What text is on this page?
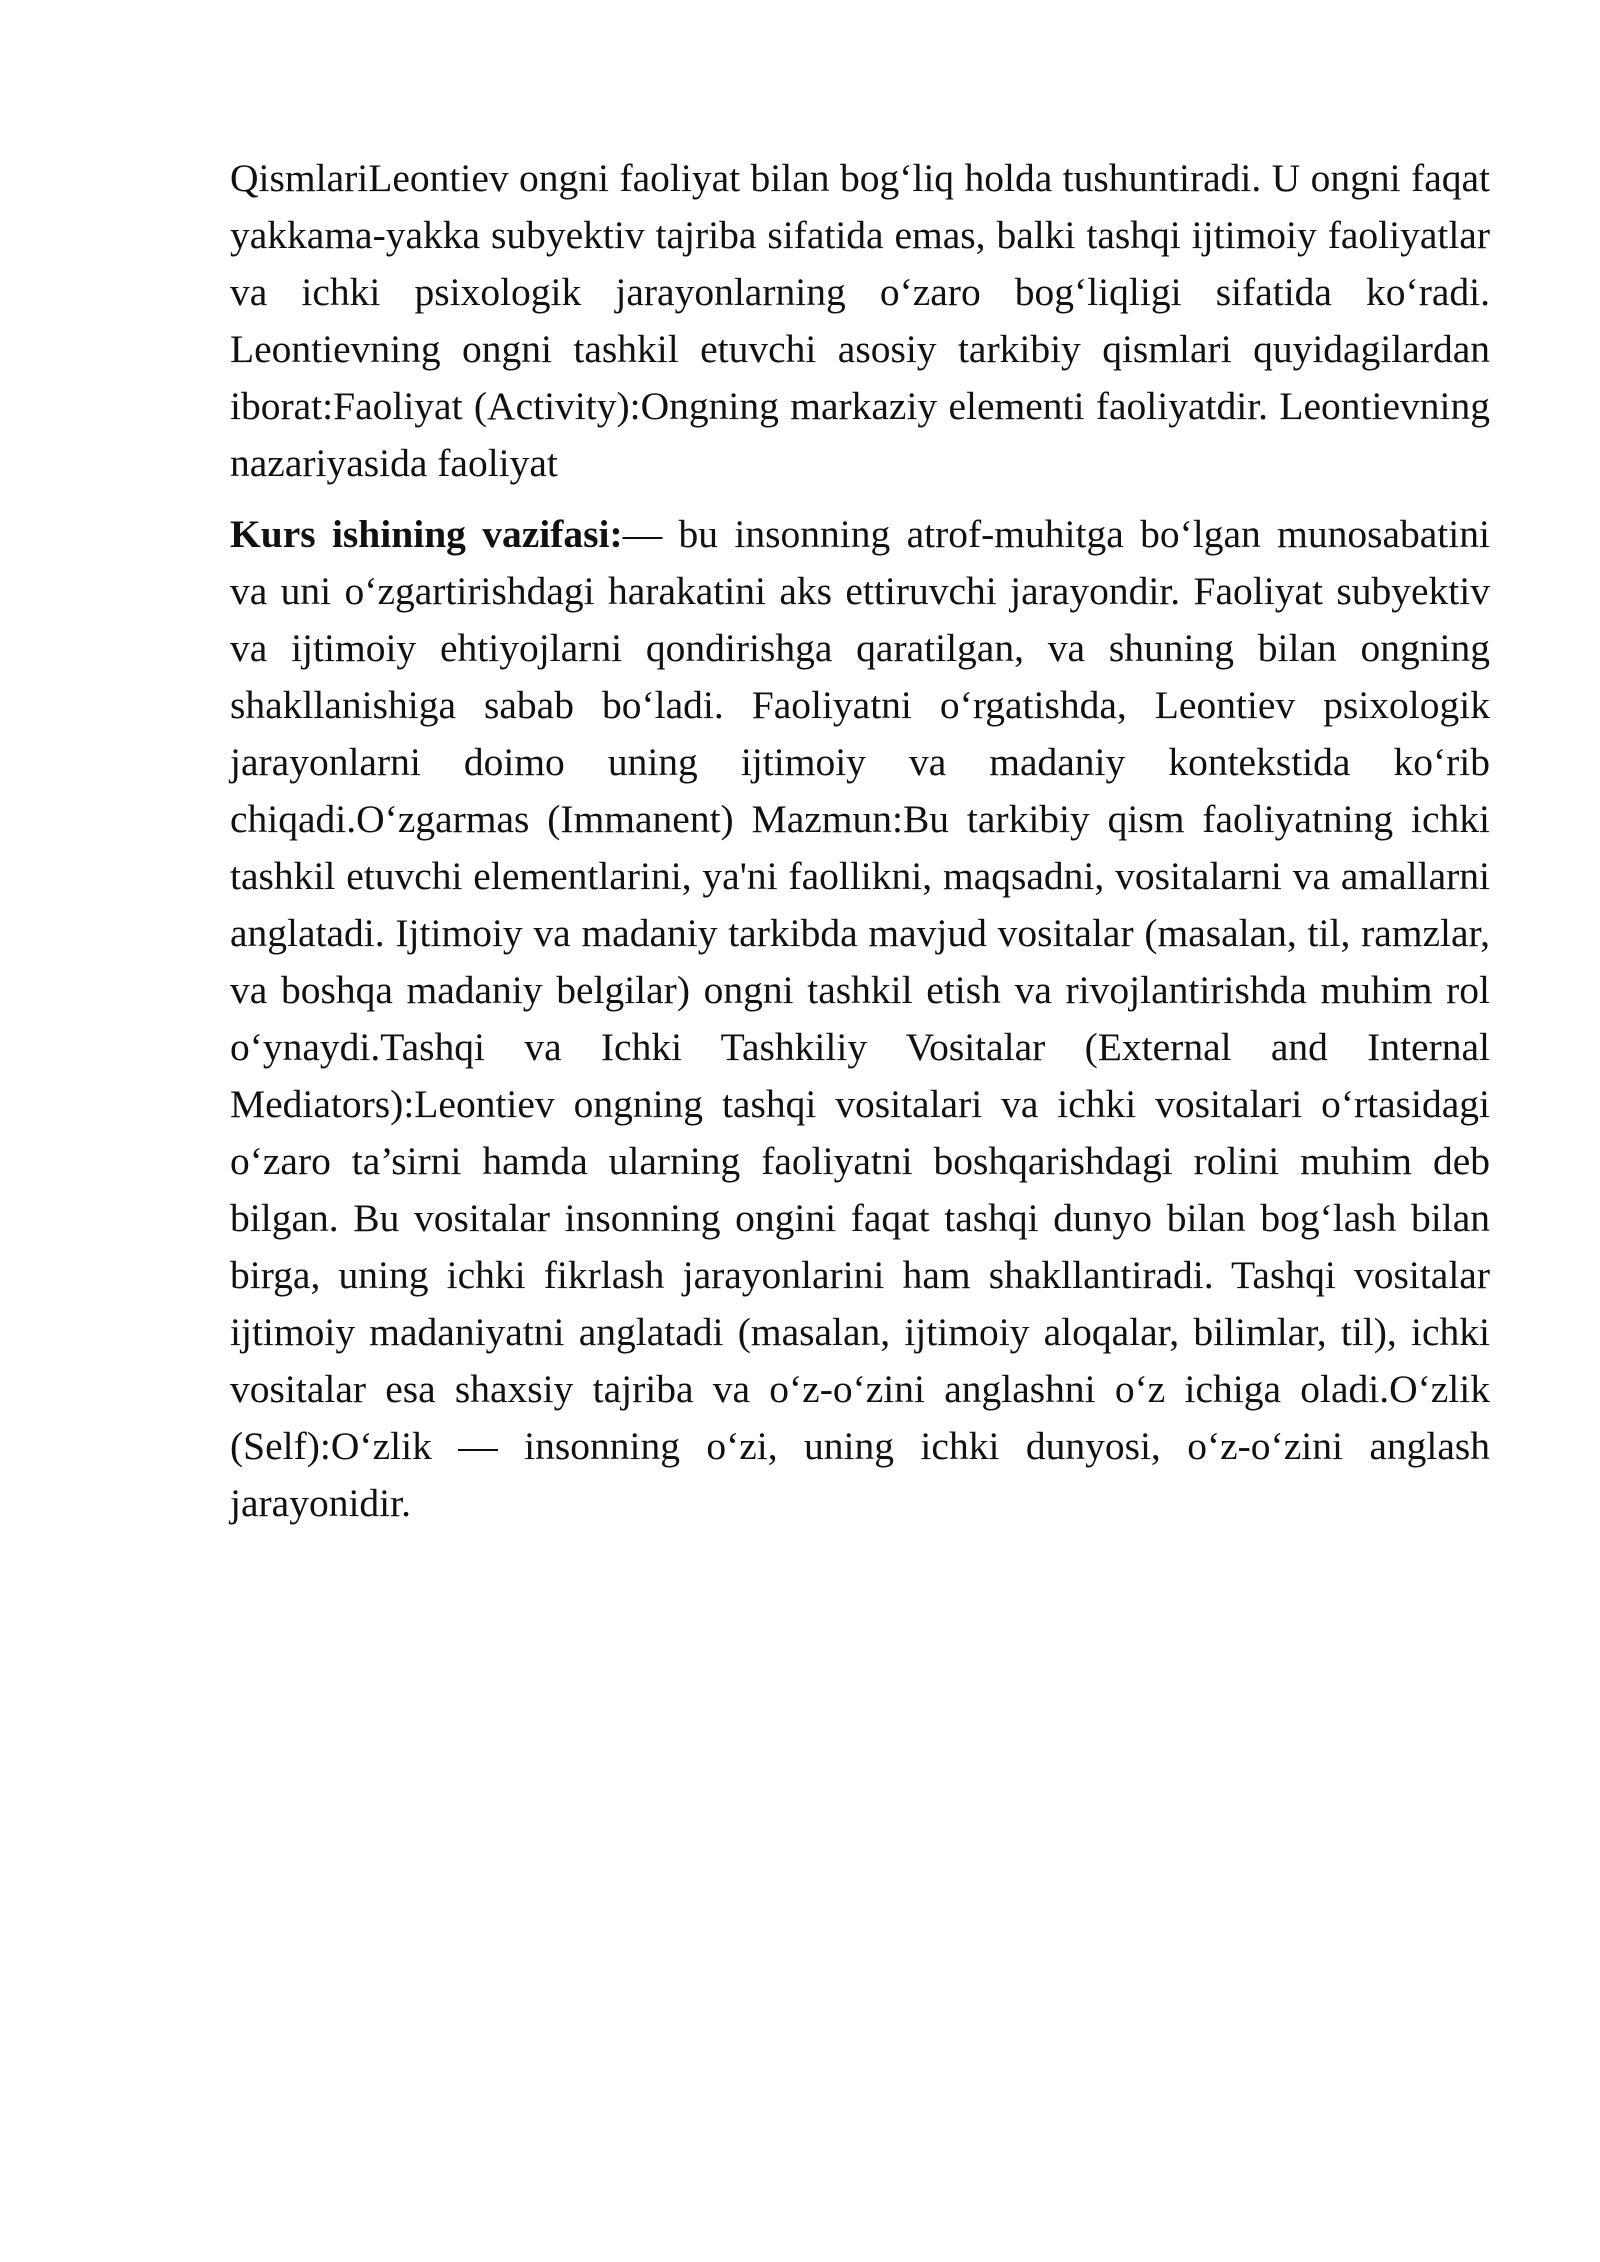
QismlariLeontiev ongni faoliyat bilan bog‘liq holda tushuntiradi. U ongni faqat yakkama-yakka subyektiv tajriba sifatida emas, balki tashqi ijtimoiy faoliyatlar va ichki psixologik jarayonlarning o‘zaro bog‘liqligi sifatida ko‘radi. Leontievning ongni tashkil etuvchi asosiy tarkibiy qismlari quyidagilardan iborat:Faoliyat (Activity):Ongning markaziy elementi faoliyatdir. Leontievning nazariyasida faoliyat

Kurs ishining vazifasi:— bu insonning atrof-muhitga bo‘lgan munosabatini va uni o‘zgartirishdagi harakatini aks ettiruvchi jarayondir. Faoliyat subyektiv va ijtimoiy ehtiyojlarni qondirishga qaratilgan, va shuning bilan ongning shakllanishiga sabab bo‘ladi. Faoliyatni o‘rgatishda, Leontiev psixologik jarayonlarni doimo uning ijtimoiy va madaniy kontekstida ko‘rib chiqadi.O‘zgarmas (Immanent) Mazmun:Bu tarkibiy qism faoliyatning ichki tashkil etuvchi elementlarini, ya'ni faollikni, maqsadni, vositalarni va amallarni anglatadi. Ijtimoiy va madaniy tarkibda mavjud vositalar (masalan, til, ramzlar, va boshqa madaniy belgilar) ongni tashkil etish va rivojlantirishda muhim rol o‘ynaydi.Tashqi va Ichki Tashkiliy Vositalar (External and Internal Mediators):Leontiev ongning tashqi vositalari va ichki vositalari o‘rtasidagi o‘zaro ta’sirni hamda ularning faoliyatni boshqarishdagi rolini muhim deb bilgan. Bu vositalar insonning ongini faqat tashqi dunyo bilan bog‘lash bilan birga, uning ichki fikrlash jarayonlarini ham shakllantiradi. Tashqi vositalar ijtimoiy madaniyatni anglatadi (masalan, ijtimoiy aloqalar, bilimlar, til), ichki vositalar esa shaxsiy tajriba va o‘z-o‘zini anglashni o‘z ichiga oladi.O‘zlik (Self):O‘zlik — insonning o‘zi, uning ichki dunyosi, o‘z-o‘zini anglash jarayonidir.
